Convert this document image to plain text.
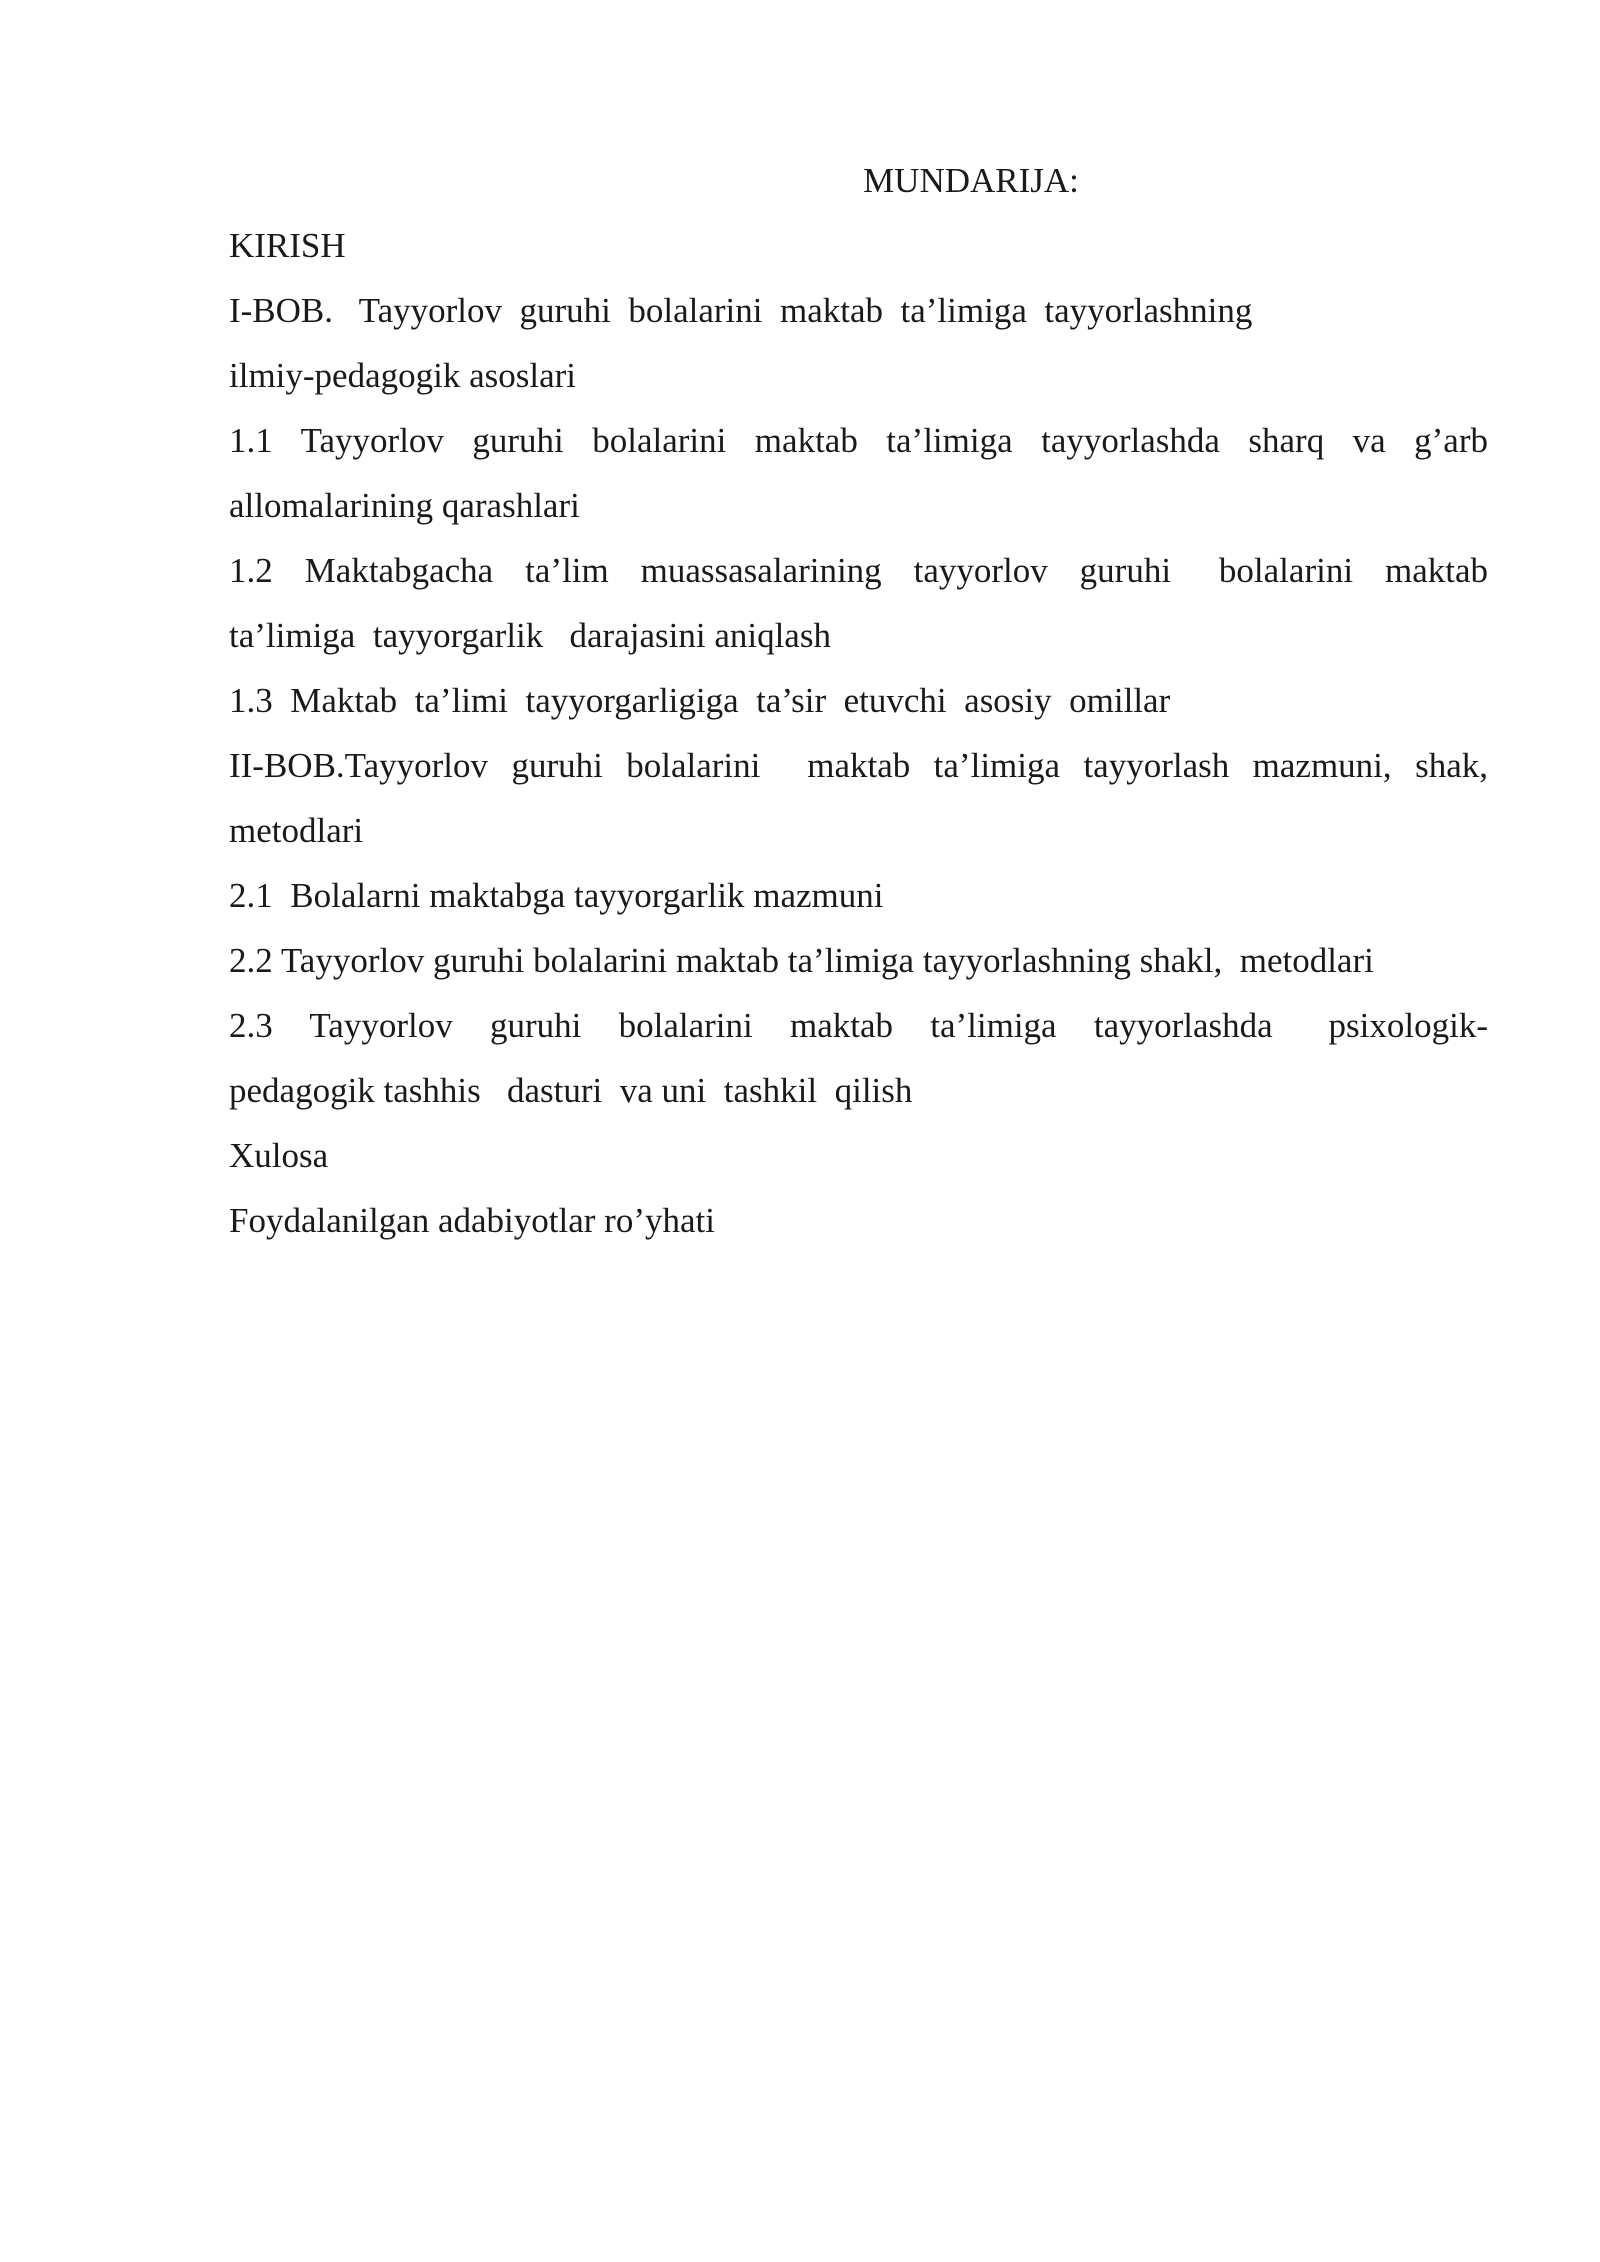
MUNDARIJA:

KIRISH

I-BOB.   Tayyorlov  guruhi  bolalarini  maktab  ta’limiga  tayyorlashning

ilmiy-pedagogik asoslari

1.1  Tayyorlov  guruhi  bolalarini  maktab  ta’limiga  tayyorlashda  sharq  va  g’arb

allomalarining qarashlari

1.2  Maktabgacha  ta’lim  muassasalarining  tayyorlov  guruhi   bolalarini  maktab

ta’limiga  tayyorgarlik   darajasini aniqlash

1.3  Maktab  ta’limi  tayyorgarligiga  ta’sir  etuvchi  asosiy  omillar

II-BOB.Tayyorlov guruhi bolalarini  maktab ta’limiga tayyorlash mazmuni, shak,

metodlari

2.1  Bolalarni maktabga tayyorgarlik mazmuni

2.2 Tayyorlov guruhi bolalarini maktab ta’limiga tayyorlashning shakl,  metodlari

2.3  Tayyorlov  guruhi  bolalarini  maktab  ta’limiga  tayyorlashda   psixologik-

pedagogik tashhis   dasturi  va uni  tashkil  qilish

Xulosa

Foydalanilgan adabiyotlar ro’yhati
